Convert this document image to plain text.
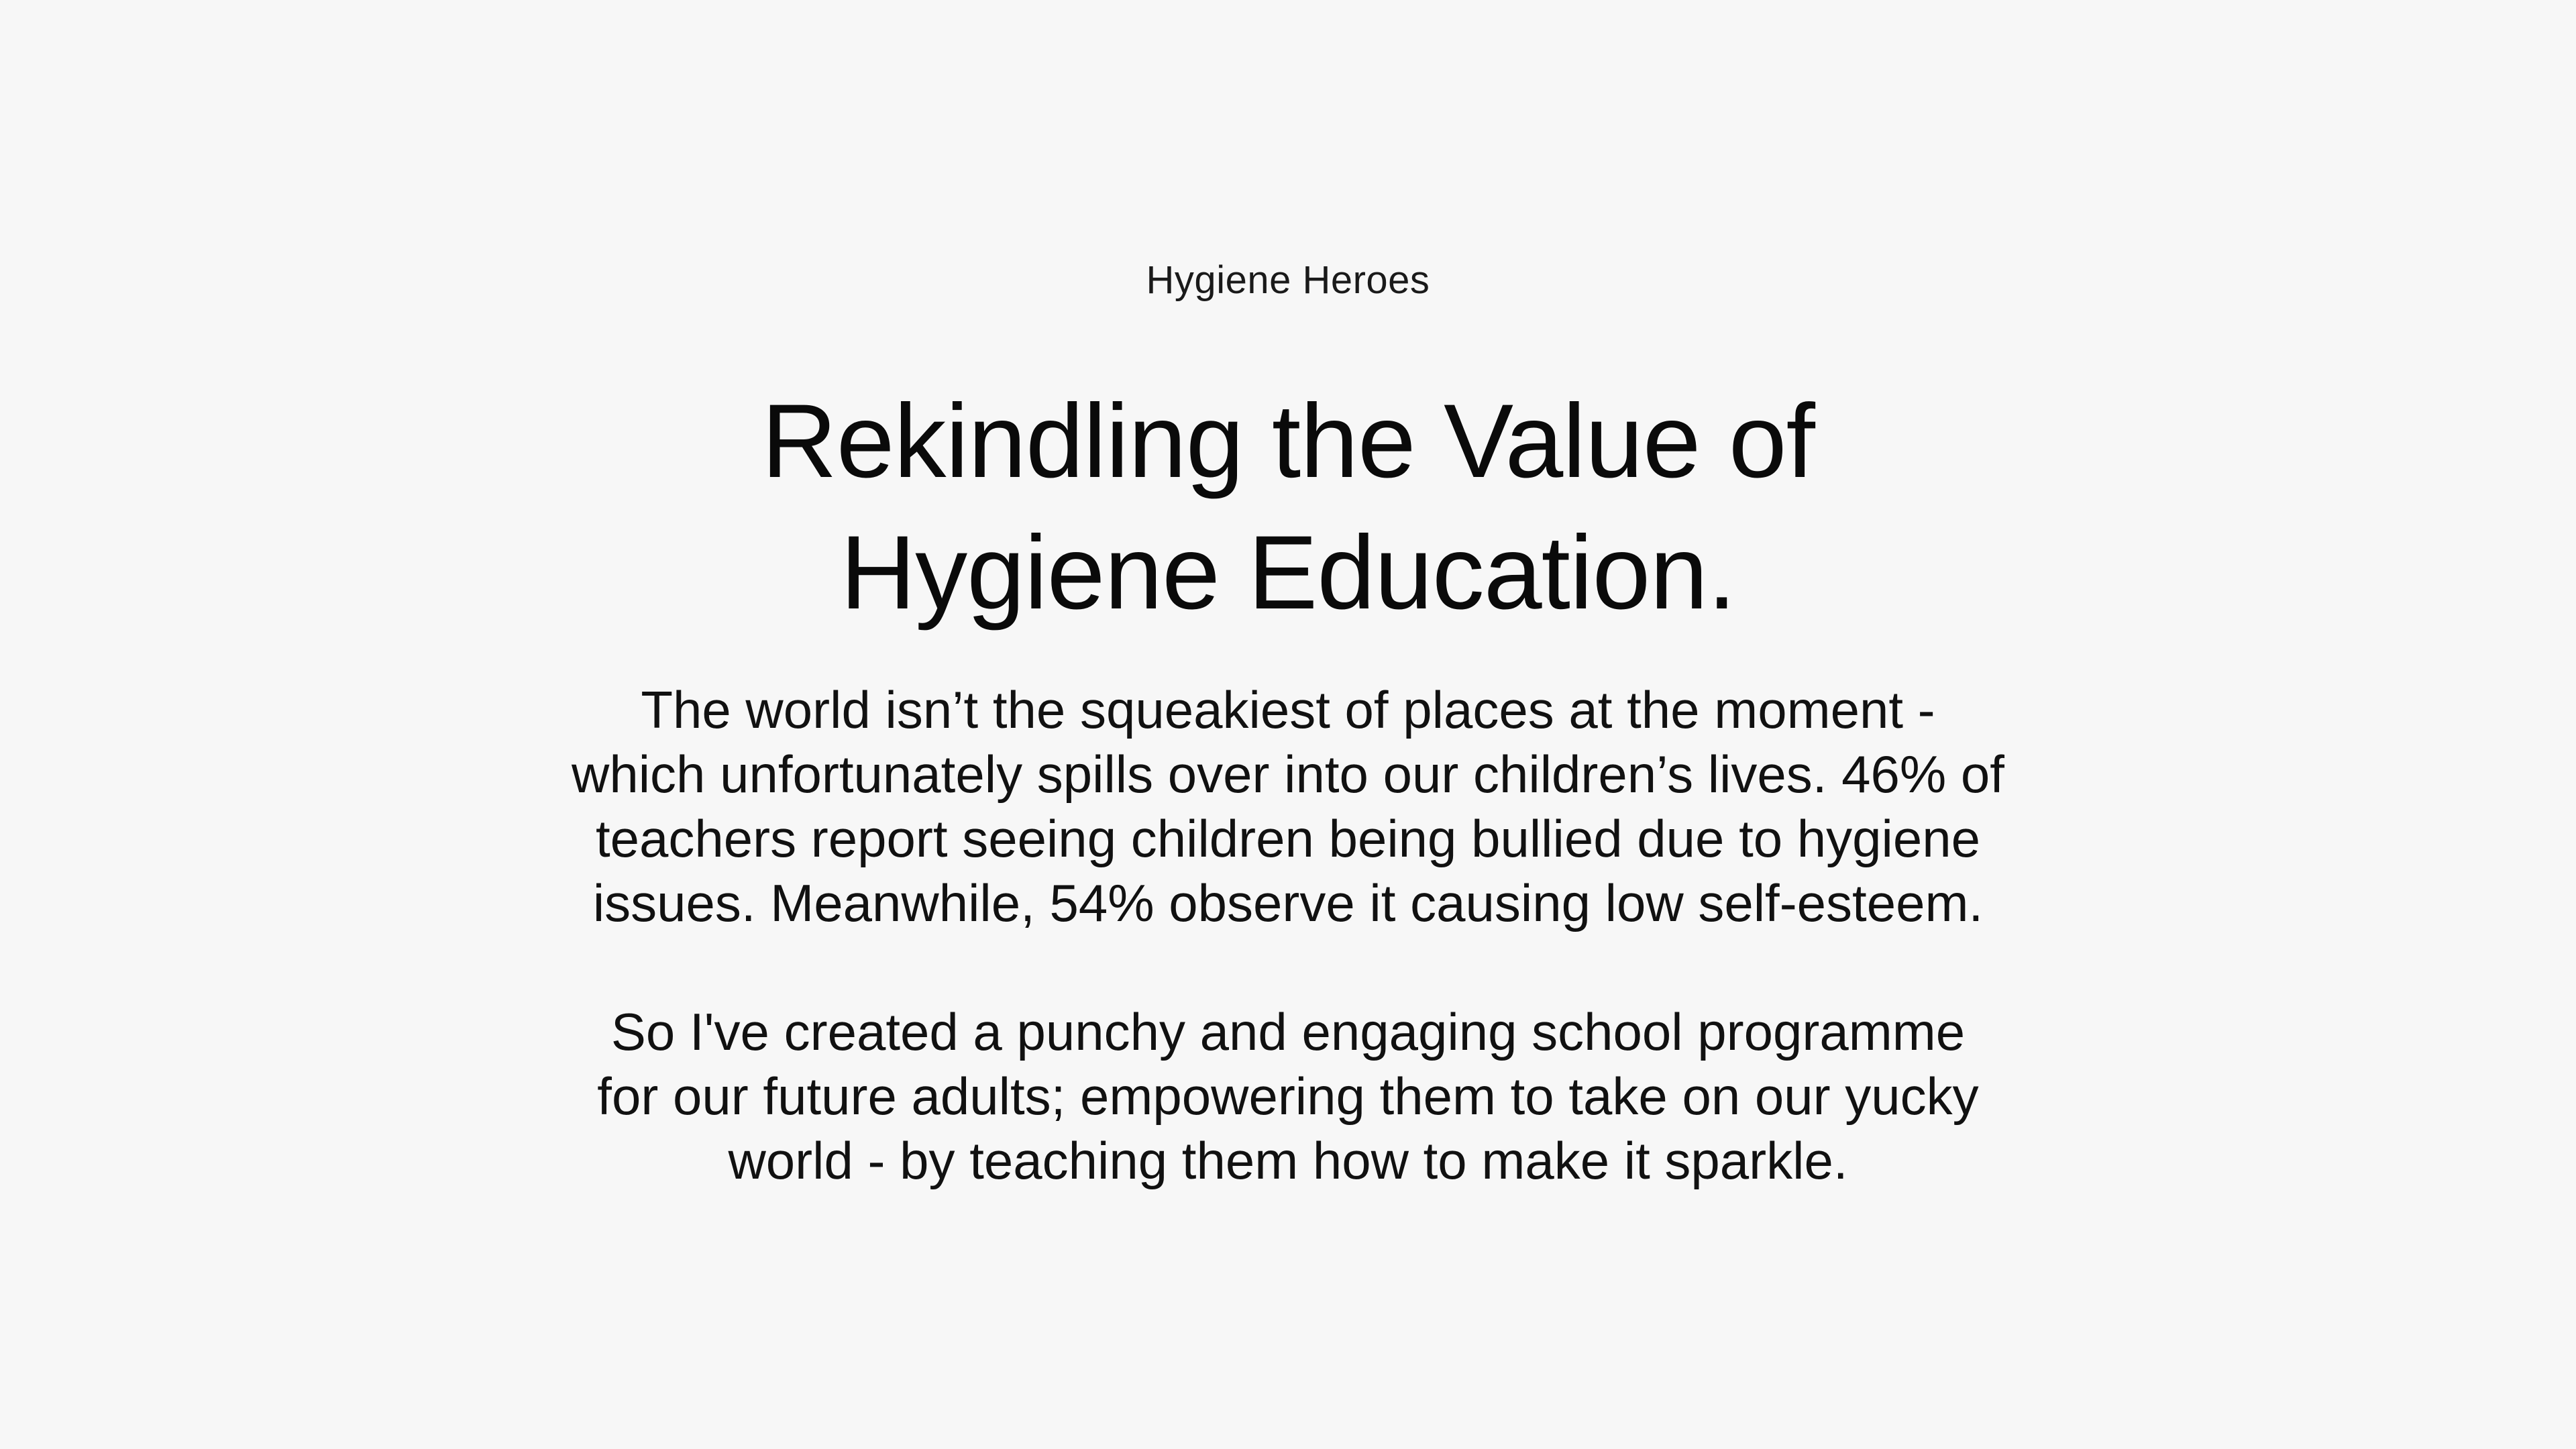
Hygiene Heroes
Rekindling the Value of
Hygiene Education.
The world isn’t the squeakiest of places at the moment -
which unfortunately spills over into our children’s lives. 46% of
teachers report seeing children being bullied due to hygiene
issues. Meanwhile, 54% observe it causing low self-esteem.
So I've created a punchy and engaging school programme
for our future adults; empowering them to take on our yucky
world - by teaching them how to make it sparkle.
